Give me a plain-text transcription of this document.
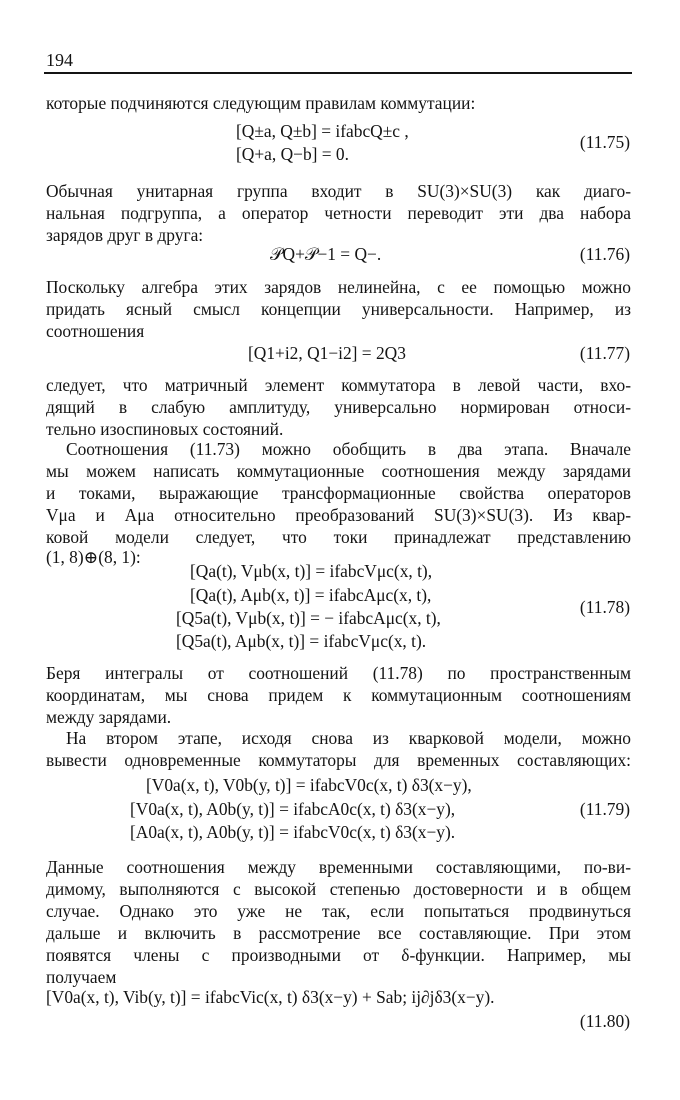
194
которые подчиняются следующим правилам коммутации:
[Q±a, Q±b] = ifabcQ±c ,
[Q+a, Q−b] = 0.
(11.75)
Обычная унитарная группа входит в SU(3)×SU(3) как диаго-
нальная подгруппа, а оператор четности переводит эти два набора
зарядов друг в друга:
𝒫Q+𝒫−1 = Q−.	(11.76)
Поскольку алгебра этих зарядов нелинейна, с ее помощью можно
придать ясный смысл концепции универсальности. Например, из
соотношения
[Q1+i2, Q1−i2] = 2Q3	(11.77)
следует, что матричный элемент коммутатора в левой части, вхо-
дящий в слабую амплитуду, универсально нормирован относи-
тельно изоспиновых состояний.
Соотношения (11.73) можно обобщить в два этапа. Вначале
мы можем написать коммутационные соотношения между зарядами
и токами, выражающие трансформационные свойства операторов
Vμa и Aμa относительно преобразований SU(3)×SU(3). Из квар-
ковой модели следует, что токи принадлежат представлению
(1, 8)⊕(8, 1):
[Qa(t), Vμb(x, t)] = ifabcVμc(x, t),
[Qa(t), Aμb(x, t)] = ifabcAμc(x, t),
[Q5a(t), Vμb(x, t)] = − ifabcAμc(x, t),
[Q5a(t), Aμb(x, t)] = ifabcVμc(x, t).
(11.78)
Беря интегралы от соотношений (11.78) по пространственным
координатам, мы снова придем к коммутационным соотношениям
между зарядами.
На втором этапе, исходя снова из кварковой модели, можно
вывести одновременные коммутаторы для временных составляющих:
[V0a(x, t), V0b(y, t)] = ifabcV0c(x, t) δ3(x−y),
[V0a(x, t), A0b(y, t)] = ifabcA0c(x, t) δ3(x−y),
[A0a(x, t), A0b(y, t)] = ifabcV0c(x, t) δ3(x−y).
(11.79)
Данные соотношения между временными составляющими, по-ви-
димому, выполняются с высокой степенью достоверности и в общем
случае. Однако это уже не так, если попытаться продвинуться
дальше и включить в рассмотрение все составляющие. При этом
появятся члены с производными от δ-функции. Например, мы
получаем
[V0a(x, t), Vib(y, t)] = ifabcVic(x, t) δ3(x−y) + Sab; ij∂jδ3(x−y).
(11.80)
